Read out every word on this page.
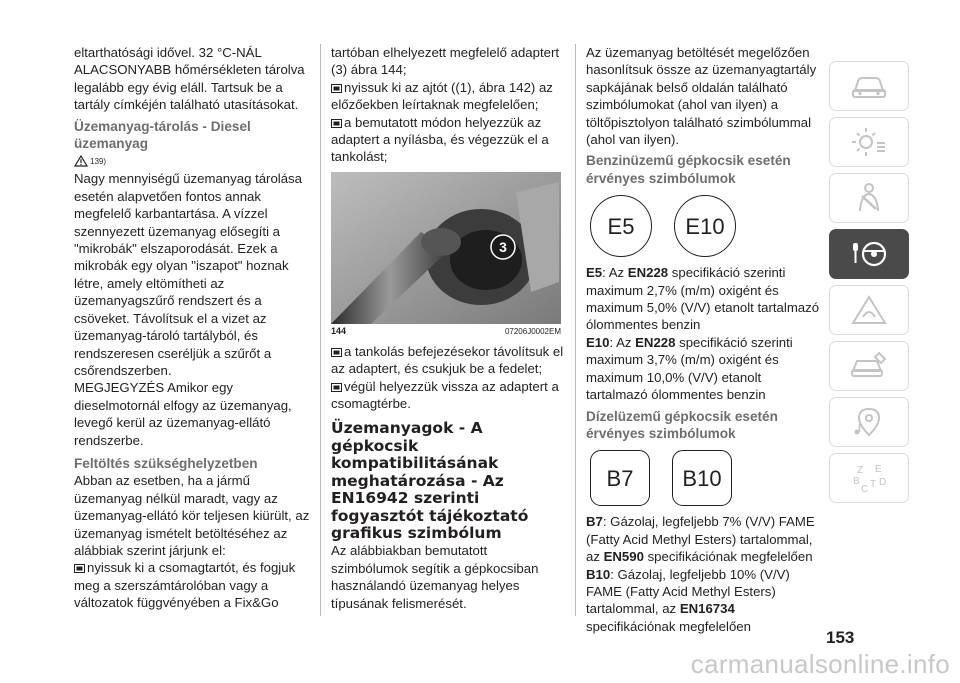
eltarthatósági idővel. 32 °C-NÁL ALACSONYABB hőmérsékleten tárolva legalább egy évig eláll. Tartsuk be a tartály címkéjén található utasításokat.

Üzemanyag-tárolás - Diesel üzemanyag

139)

Nagy mennyiségű üzemanyag tárolása esetén alapvetően fontos annak megfelelő karbantartása. A vízzel szennyezett üzemanyag elősegíti a "mikrobák" elszaporodását. Ezek a mikrobák egy olyan "iszapot" hoznak létre, amely eltömítheti az üzemanyagszűrő rendszert és a csöveket. Távolítsuk el a vizet az üzemanyag-tároló tartályból, és rendszeresen cseréljük a szűrőt a csőrendszerben.

MEGJEGYZÉS Amikor egy dieselmotornál elfogy az üzemanyag, levegő kerül az üzemanyag-ellátó rendszerbe.

Feltöltés szükséghelyzetben

Abban az esetben, ha a jármű üzemanyag nélkül maradt, vagy az üzemanyag-ellátó kör teljesen kiürült, az üzemanyag ismételt betöltéséhez az alábbiak szerint járjunk el:

nyissuk ki a csomagtartót, és fogjuk meg a szerszámtárolóban vagy a változatok függvényében a Fix&Go

tartóban elhelyezett megfelelő adaptert (3) ábra 144;

nyissuk ki az ajtót ((1), ábra 142) az előzőekben leírtaknak megfelelően;

a bemutatott módon helyezzük az adaptert a nyílásba, és végezzük el a tankolást;

3
144	07206J0002EM

a tankolás befejezésekor távolítsuk el az adaptert, és csukjuk be a fedelet;

végül helyezzük vissza az adaptert a csomagtérbe.

Üzemanyagok - A gépkocsik kompatibilitásának meghatározása - Az EN16942 szerinti fogyasztót tájékoztató grafikus szimbólum

Az alábbiakban bemutatott szimbólumok segítik a gépkocsiban használandó üzemanyag helyes típusának felismerését.

Az üzemanyag betöltését megelőzően hasonlítsuk össze az üzemanyagtartály sapkájának belső oldalán található szimbólumokat (ahol van ilyen) a töltőpisztolyon található szimbólummal (ahol van ilyen).

Benzinüzemű gépkocsik esetén érvényes szimbólumok

E5	E10

E5: Az EN228 specifikáció szerinti maximum 2,7% (m/m) oxigént és maximum 5,0% (V/V) etanolt tartalmazó ólommentes benzin

E10: Az EN228 specifikáció szerinti maximum 3,7% (m/m) oxigént és maximum 10,0% (V/V) etanolt tartalmazó ólommentes benzin

Dízelüzemű gépkocsik esetén érvényes szimbólumok

B7	B10

B7: Gázolaj, legfeljebb 7% (V/V) FAME (Fatty Acid Methyl Esters) tartalommal, az EN590 specifikációnak megfelelően

B10: Gázolaj, legfeljebb 10% (V/V) FAME (Fatty Acid Methyl Esters) tartalommal, az EN16734 specifikációnak megfelelően

Z E
B
C T D
153
carmanualsonline.info
